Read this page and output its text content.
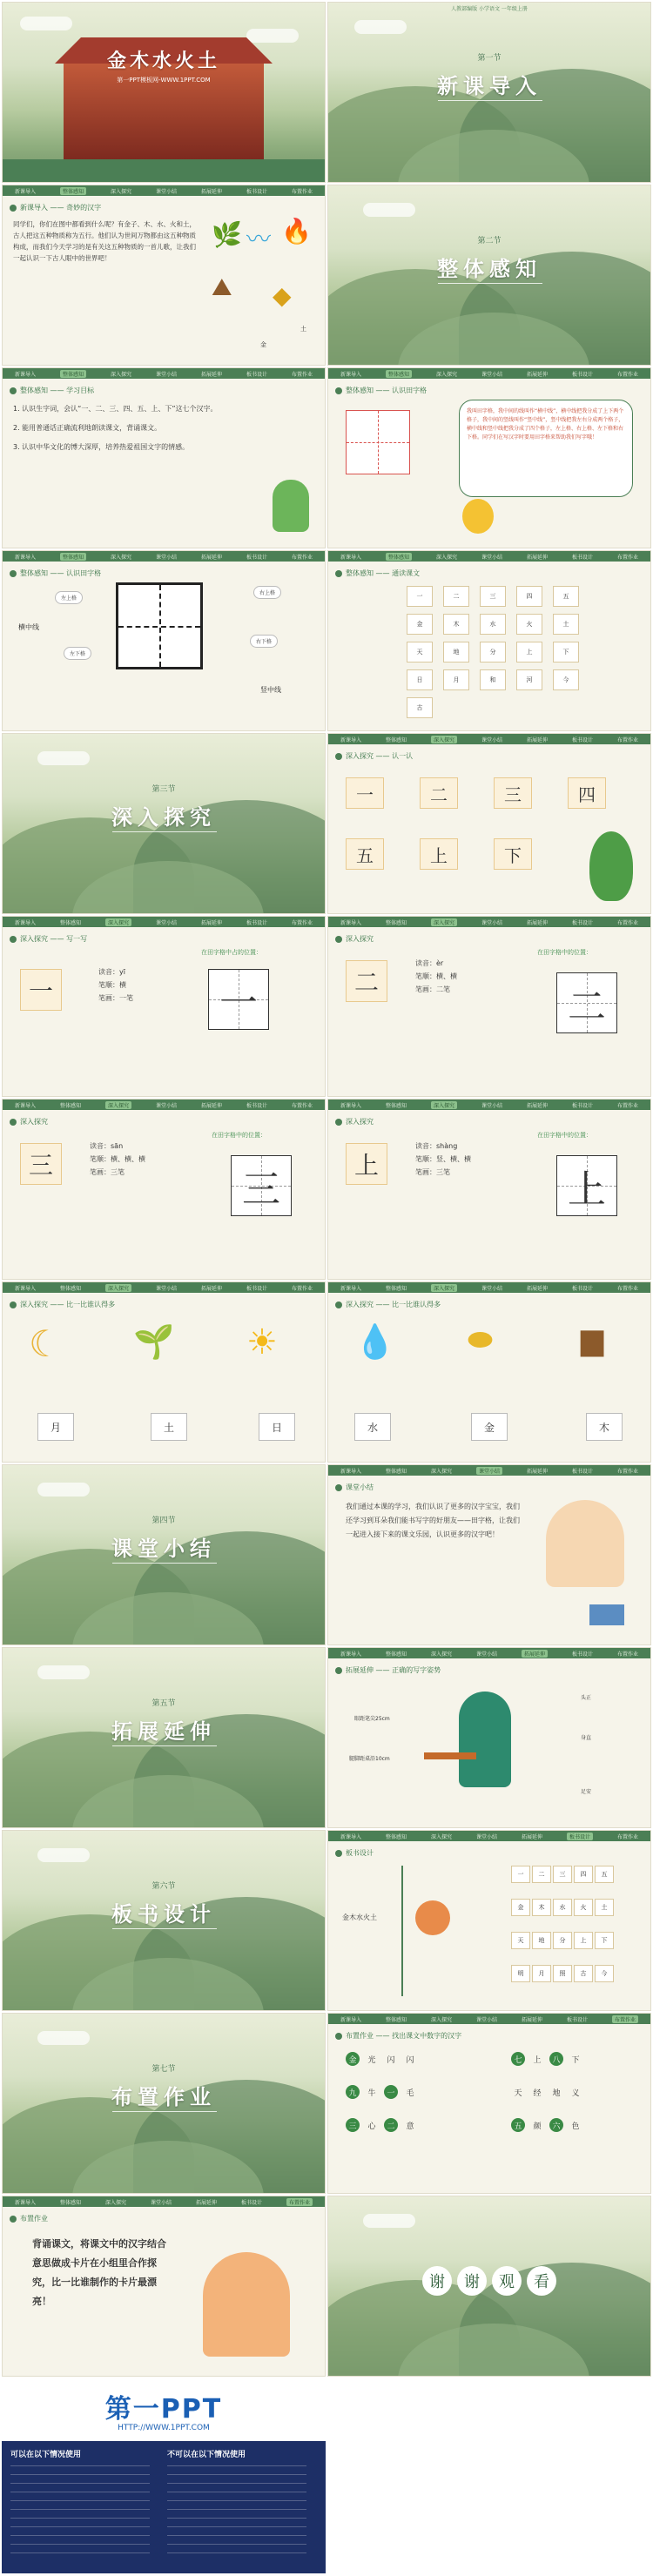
金木水火土
第一PPT模板网-WWW.1PPT.COM
人教部编版 小学语文 一年级上册
第一节
新课导入
新课导入	整体感知	深入探究	课堂小结	拓展延伸	板书设计	布置作业
新课导入 —— 奇妙的汉字
同学们，你们在图中都看到什么呢？有金子、木、水、火和土，古人把这五种物质称为五行。他们认为世间万物都由这五种物质构成，而我们今天学习的是有关这五种物质的一首儿歌，让我们一起认识一下古人眼中的世界吧！
🔥
〰
🌿
⛰ ◆
金
土
第二节
整体感知
新课导入	整体感知	深入探究	课堂小结	拓展延伸	板书设计	布置作业
整体感知 —— 学习目标
1. 认识生字词，会认“一、二、三、四、五、上、下”这七个汉字。
2. 能用普通话正确流利地朗读课文，背诵课文。
3. 认识中华文化的博大深厚，培养热爱祖国文字的情感。
新课导入	整体感知	深入探究	课堂小结	拓展延伸	板书设计	布置作业
整体感知 —— 认识田字格
我叫田字格，我中间的线叫作“横中线”，横中线把我分成了上下两个格子，我中间的竖线叫作“竖中线”，竖中线把我左右分成两个格子，横中线和竖中线把我分成了四个格子，左上格、右上格、左下格和右下格。同学们在写汉字时要用田字格来帮助我们写字哦！
新课导入	整体感知	深入探究	课堂小结	拓展延伸	板书设计	布置作业
整体感知 —— 认识田字格
左上格
右上格
左下格
右下格
横中线
竖中线
新课导入	整体感知	深入探究	课堂小结	拓展延伸	板书设计	布置作业
整体感知 —— 通读课文
一	二	三	四	五
金	木	水	火	土
天	地	分	上	下
日	月	和	河	今
古
第三节
深入探究
新课导入	整体感知	深入探究	课堂小结	拓展延伸	板书设计	布置作业
深入探究 —— 认一认
一	二	三	四
五	上	下
新课导入	整体感知	深入探究	课堂小结	拓展延伸	板书设计	布置作业
深入探究 —— 写一写
一
读音：yī
笔顺：横
笔画：一笔
在田字格中占的位置：
一
新课导入	整体感知	深入探究	课堂小结	拓展延伸	板书设计	布置作业
深入探究
二
读音：èr
笔顺：横、横
笔画：二笔
在田字格中的位置：
二
新课导入	整体感知	深入探究	课堂小结	拓展延伸	板书设计	布置作业
深入探究
三
读音：sān
笔顺：横、横、横
笔画：三笔
在田字格中的位置：
三
新课导入	整体感知	深入探究	课堂小结	拓展延伸	板书设计	布置作业
深入探究
上
读音：shàng
笔顺：竖、横、横
笔画：三笔
在田字格中的位置：
上
新课导入	整体感知	深入探究	课堂小结	拓展延伸	板书设计	布置作业
深入探究 —— 比一比谁认得多
☾ 🌱 ☀
月	土	日
新课导入	整体感知	深入探究	课堂小结	拓展延伸	板书设计	布置作业
深入探究 —— 比一比谁认得多
💧 ⬬	▆
水	金	木
第四节
课堂小结
新课导入	整体感知	深入探究	课堂小结	拓展延伸	板书设计	布置作业
课堂小结
我们通过本课的学习，我们认识了更多的汉字宝宝，我们还学习到耳朵我们能书写字的好朋友——田字格，让我们一起进入接下来的课文乐园，认识更多的汉字吧！
第五节
拓展延伸
新课导入	整体感知	深入探究	课堂小结	拓展延伸	板书设计	布置作业
拓展延伸 —— 正确的写字姿势
眼距笔尖25cm
头正
身直
腿脚距桌沿10cm
足安
第六节
板书设计
新课导入	整体感知	深入探究	课堂小结	拓展延伸	板书设计	布置作业
板书设计
金木水火土
一	二	三	四	五
金	木	水	火	土
天	地	分	上	下
明	月	照	古	今
第七节
布置作业
新课导入	整体感知	深入探究	课堂小结	拓展延伸	板书设计	布置作业
布置作业 —— 找出课文中数字的汉字
金	光	闪	闪
九	牛	一	毛
三	心	二	意
七	上	八	下
天	经	地	义
五	颜	六	色
新课导入	整体感知	深入探究	课堂小结	拓展延伸	板书设计	布置作业
布置作业
背诵课文，将课文中的汉字结合意思做成卡片在小组里合作探究，比一比谁制作的卡片最漂亮！
谢	谢	观	看
第一PPT
HTTP://WWW.1PPT.COM
可以在以下情况使用	不可以在以下情况使用
